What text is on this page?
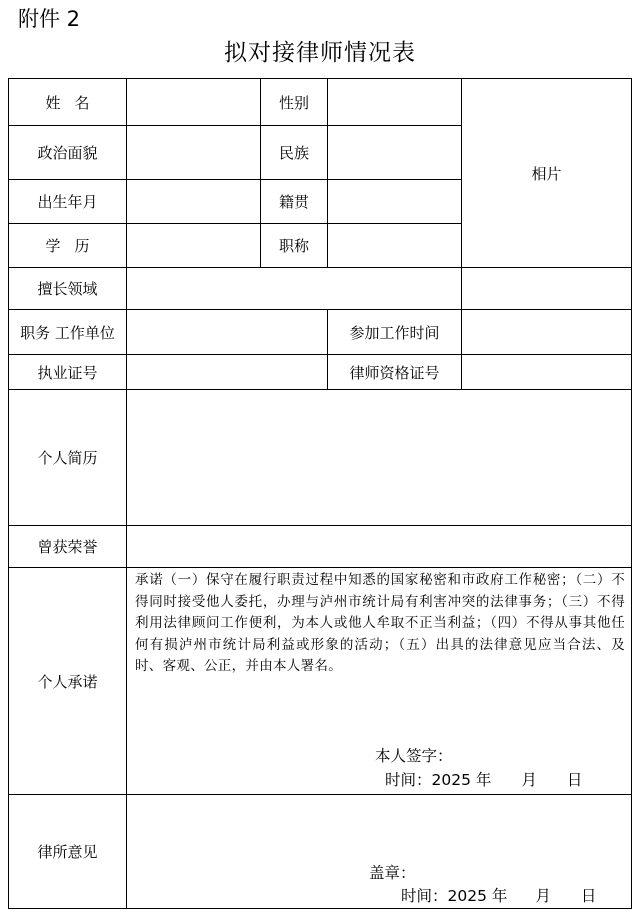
附件 2
拟对接律师情况表
姓名		性别		相片
政治面貌		民族		
出生年月		籍贯		
学历		职称		
擅长领域				
职务 工作单位			参加工作时间	
执业证号			律师资格证号	
个人简历				
曾获荣誉				
个人承诺	承诺（一）保守在履行职责过程中知悉的国家秘密和市政府工作秘密；（二）不得同时接受他人委托，办理与泸州市统计局有利害冲突的法律事务；（三）不得利用法律顾问工作便利，为本人或他人牟取不正当利益；（四）不得从事其他任何有损泸州市统计局利益或形象的活动；（五）出具的法律意见应当合法、及时、客观、公正，并由本人署名。
本人签字：
时间：2025 年 月 日			

律所意见	盖章：
时间：2025 年 月 日			
